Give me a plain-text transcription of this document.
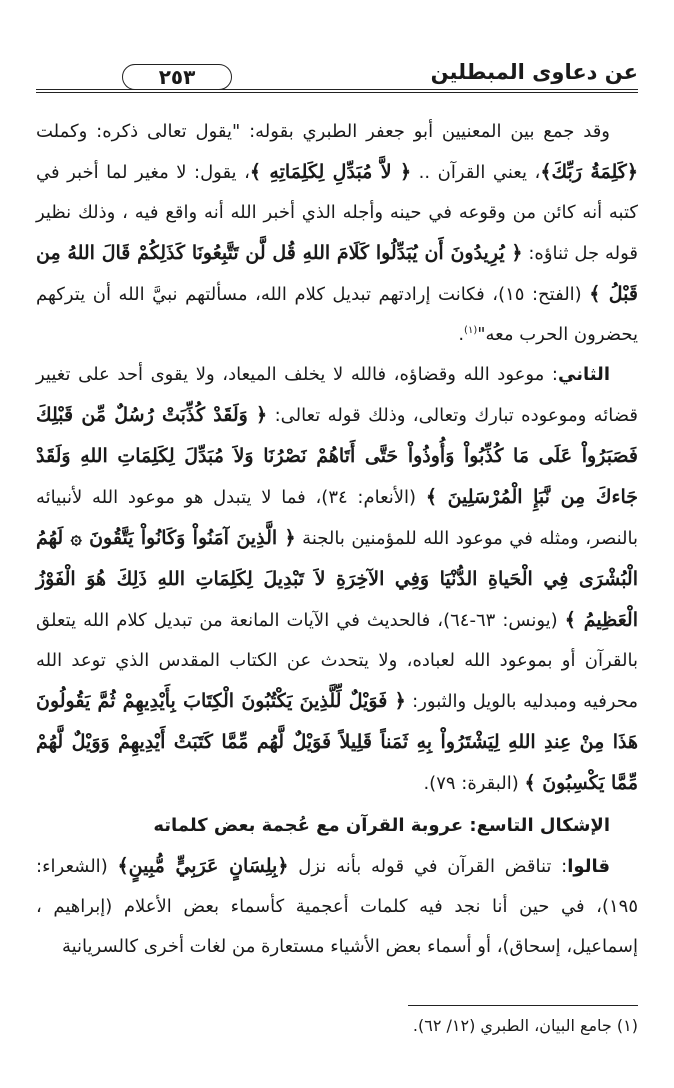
عن دعاوى المبطلين
٢٥٣

وقد جمع بين المعنيين أبو جعفر الطبري بقوله: "يقول تعالى ذكره: وكملت ﴿كَلِمَةُ رَبِّكَ﴾، يعني القرآن .. ﴿ لاَّ مُبَدِّلِ لِكَلِمَاتِهِ ﴾، يقول: لا مغير لما أخبر في كتبه أنه كائن من وقوعه في حينه وأجله الذي أخبر الله أنه واقع فيه ، وذلك نظير قوله جل ثناؤه: ﴿ يُرِيدُونَ أَن يُبَدِّلُوا كَلَامَ اللهِ قُل لَّن تَتَّبِعُونَا كَذَلِكُمْ قَالَ اللهُ مِن قَبْلُ ﴾ (الفتح: ١٥)، فكانت إرادتهم تبديل كلام الله، مسألتهم نبيَّ الله أن يتركهم يحضرون الحرب معه"$^{(١)}$.

الثاني: موعود الله وقضاؤه، فالله لا يخلف الميعاد، ولا يقوى أحد على تغيير قضائه وموعوده تبارك وتعالى، وذلك قوله تعالى: ﴿ وَلَقَدْ كُذِّبَتْ رُسُلٌ مِّن قَبْلِكَ فَصَبَرُواْ عَلَى مَا كُذِّبُواْ وَأُوذُواْ حَتَّى أَتَاهُمْ نَصْرُنَا وَلاَ مُبَدِّلَ لِكَلِمَاتِ اللهِ وَلَقَدْ جَاءكَ مِن نَّبَإِ الْمُرْسَلِينَ ﴾ (الأنعام: ٣٤)، فما لا يتبدل هو موعود الله لأنبيائه بالنصر، ومثله في موعود الله للمؤمنين بالجنة ﴿ الَّذِينَ آمَنُواْ وَكَانُواْ يَتَّقُونَ ۞ لَهُمُ الْبُشْرَى فِي الْحَياةِ الدُّنْيَا وَفِي الآخِرَةِ لاَ تَبْدِيلَ لِكَلِمَاتِ اللهِ ذَلِكَ هُوَ الْفَوْزُ الْعَظِيمُ ﴾ (يونس: ٦٣-٦٤)، فالحديث في الآيات المانعة من تبديل كلام الله يتعلق بالقرآن أو بموعود الله لعباده، ولا يتحدث عن الكتاب المقدس الذي توعد الله محرفيه ومبدليه بالويل والثبور: ﴿ فَوَيْلٌ لِّلَّذِينَ يَكْتُبُونَ الْكِتَابَ بِأَيْدِيهِمْ ثُمَّ يَقُولُونَ هَذَا مِنْ عِندِ اللهِ لِيَشْتَرُواْ بِهِ ثَمَناً قَلِيلاً فَوَيْلٌ لَّهُم مِّمَّا كَتَبَتْ أَيْدِيهِمْ وَوَيْلٌ لَّهُمْ مِّمَّا يَكْسِبُونَ ﴾ (البقرة: ٧٩).

الإشكال التاسع: عروبة القرآن مع عُجمة بعض كلماته

قالوا: تناقض القرآن في قوله بأنه نزل ﴿بِلِسَانٍ عَرَبِيٍّ مُّبِينٍ﴾ (الشعراء: ١٩٥)، في حين أنا نجد فيه كلمات أعجمية كأسماء بعض الأعلام (إبراهيم ، إسماعيل، إسحاق)، أو أسماء بعض الأشياء مستعارة من لغات أخرى كالسريانية

(١) جامع البيان، الطبري (١٢/ ٦٢).
